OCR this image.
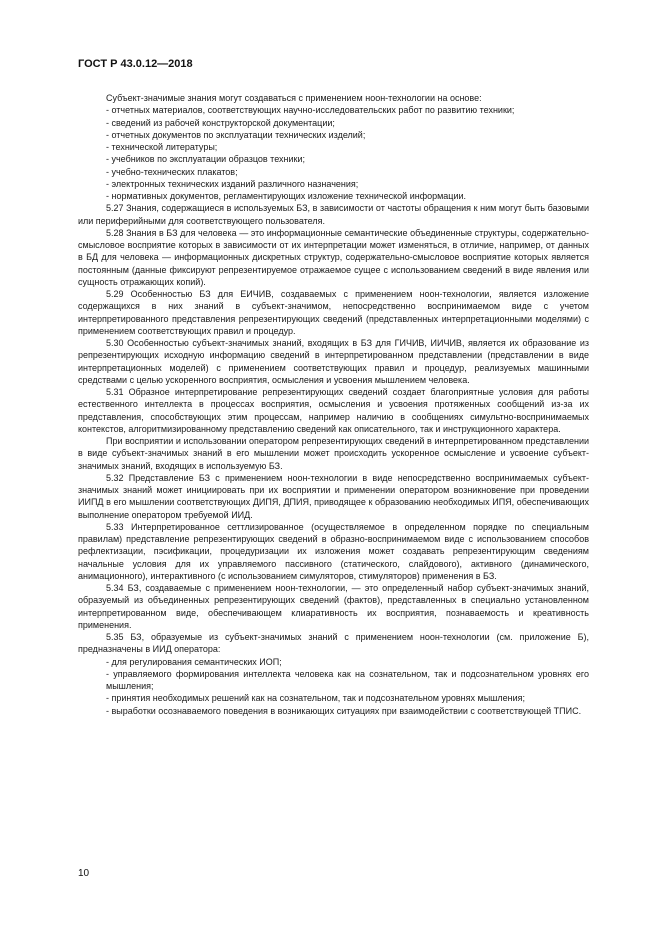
ГОСТ Р 43.0.12—2018

Субъект-значимые знания могут создаваться с применением ноон-технологии на основе:

- отчетных материалов, соответствующих научно-исследовательских работ по развитию техники;

- сведений из рабочей конструкторской документации;

- отчетных документов по эксплуатации технических изделий;

- технической литературы;

- учебников по эксплуатации образцов техники;

- учебно-технических плакатов;

- электронных технических изданий различного назначения;

- нормативных документов, регламентирующих изложение технической информации.

5.27 Знания, содержащиеся в используемых БЗ, в зависимости от частоты обращения к ним могут быть базовыми или периферийными для соответствующего пользователя.

5.28 Знания в БЗ для человека — это информационные семантические объединенные структуры, содержательно-смысловое восприятие которых в зависимости от их интерпретации может изменяться, в отличие, например, от данных в БД для человека — информационных дискретных структур, содержательно-смысловое восприятие которых является постоянным (данные фиксируют репрезентируемое отражаемое сущее с использованием сведений в виде явления или сущность отражающих копий).

5.29 Особенностью БЗ для ЕИЧИВ, создаваемых с применением ноон-технологии, является изложение содержащихся в них знаний в субъект-значимом, непосредственно воспринимаемом виде с учетом интерпретированного представления репрезентирующих сведений (представленных интерпретационными моделями) с применением соответствующих правил и процедур.

5.30 Особенностью субъект-значимых знаний, входящих в БЗ для ГИЧИВ, ИИЧИВ, является их образование из репрезентирующих исходную информацию сведений в интерпретированном представлении (представлении в виде интерпретационных моделей) с применением соответствующих правил и процедур, реализуемых машинными средствами с целью ускоренного восприятия, осмысления и усвоения мышлением человека.

5.31 Образное интерпретирование репрезентирующих сведений создает благоприятные условия для работы естественного интеллекта в процессах восприятия, осмысления и усвоения протяженных сообщений из-за их представления, способствующих этим процессам, например наличию в сообщениях симультно-воспринимаемых контекстов, алгоритмизированному представлению сведений как описательного, так и инструкционного характера.

При восприятии и использовании оператором репрезентирующих сведений в интерпретированном представлении в виде субъект-значимых знаний в его мышлении может происходить ускоренное осмысление и усвоение субъект-значимых знаний, входящих в используемую БЗ.

5.32 Представление БЗ с применением ноон-технологии в виде непосредственно воспринимаемых субъект-значимых знаний может инициировать при их восприятии и применении оператором возникновение при проведении ИИПД в его мышлении соответствующих ДИПЯ, ДПИЯ, приводящее к образованию необходимых ИПЯ, обеспечивающих выполнение оператором требуемой ИИД.

5.33 Интерпретированное сеттлизированное (осуществляемое в определенном порядке по специальным правилам) представление репрезентирующих сведений в образно-воспринимаемом виде с использованием способов рефлектизации, пэсификации, процедуризации их изложения может создавать репрезентирующим сведениям начальные условия для их управляемого пассивного (статического, слайдового), активного (динамического, анимационного), интерактивного (с использованием симуляторов, стимуляторов) применения в БЗ.

5.34 БЗ, создаваемые с применением ноон-технологии, — это определенный набор субъект-значимых знаний, образуемый из объединенных репрезентирующих сведений (фактов), представленных в специально установленном интерпретированном виде, обеспечивающем клиаративность их восприятия, познаваемость и креативность применения.

5.35 БЗ, образуемые из субъект-значимых знаний с применением ноон-технологии (см. приложение Б), предназначены в ИИД оператора:

- для регулирования семантических ИОП;

- управляемого формирования интеллекта человека как на сознательном, так и подсознательном уровнях его мышления;

- принятия необходимых решений как на сознательном, так и подсознательном уровнях мышления;

- выработки осознаваемого поведения в возникающих ситуациях при взаимодействии с соответствующей ТПИС.

10
